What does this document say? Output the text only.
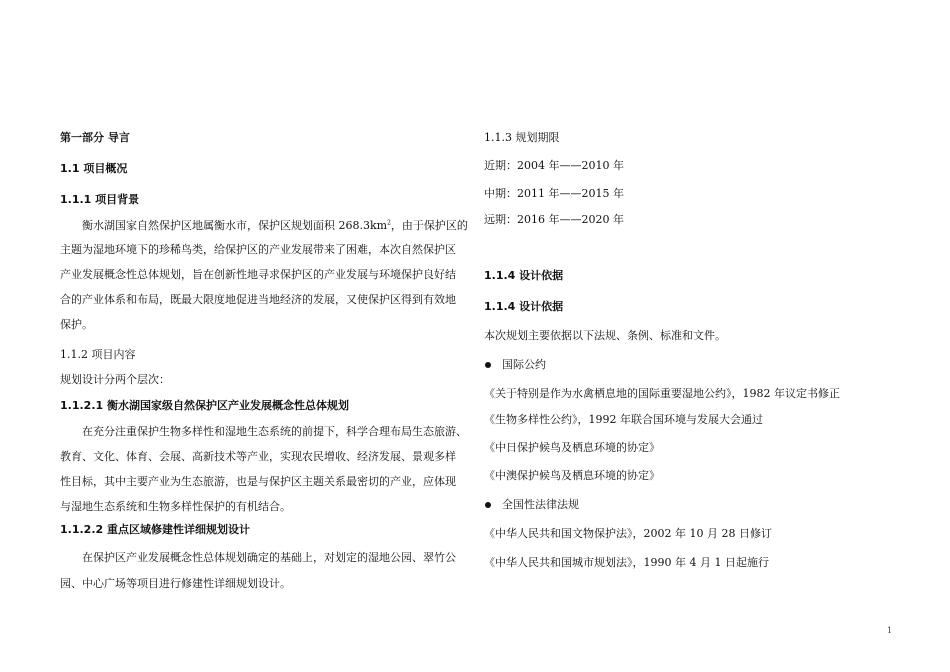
第一部分 导言
1.1 项目概况
1.1.1 项目背景
衡水湖国家自然保护区地属衡水市，保护区规划面积 $268.3km^2$，由于保护区的
主题为湿地环境下的珍稀鸟类，给保护区的产业发展带来了困难，本次自然保护区
产业发展概念性总体规划，旨在创新性地寻求保护区的产业发展与环境保护良好结
合的产业体系和布局，既最大限度地促进当地经济的发展，又使保护区得到有效地
保护。
1.1.2 项目内容
规划设计分两个层次：
1.1.2.1 衡水湖国家级自然保护区产业发展概念性总体规划
在充分注重保护生物多样性和湿地生态系统的前提下，科学合理布局生态旅游、
教育、文化、体育、会展、高新技术等产业，实现农民增收、经济发展、景观多样
性目标，其中主要产业为生态旅游，也是与保护区主题关系最密切的产业，应体现
与湿地生态系统和生物多样性保护的有机结合。
1.1.2.2 重点区域修建性详细规划设计
在保护区产业发展概念性总体规划确定的基础上，对划定的湿地公园、翠竹公
园、中心广场等项目进行修建性详细规划设计。
1.1.3 规划期限
近期：2004 年——2010 年
中期：2011 年——2015 年
远期：2016 年——2020 年
1.1.4 设计依据
1.1.4 设计依据
本次规划主要依据以下法规、条例、标准和文件。
国际公约
《关于特别是作为水禽栖息地的国际重要湿地公约》，1982 年议定书修正
《生物多样性公约》，1992 年联合国环境与发展大会通过
《中日保护候鸟及栖息环境的协定》
《中澳保护候鸟及栖息环境的协定》
全国性法律法规
《中华人民共和国文物保护法》，2002 年 10 月 28 日修订
《中华人民共和国城市规划法》，1990 年 4 月 1 日起施行
1
